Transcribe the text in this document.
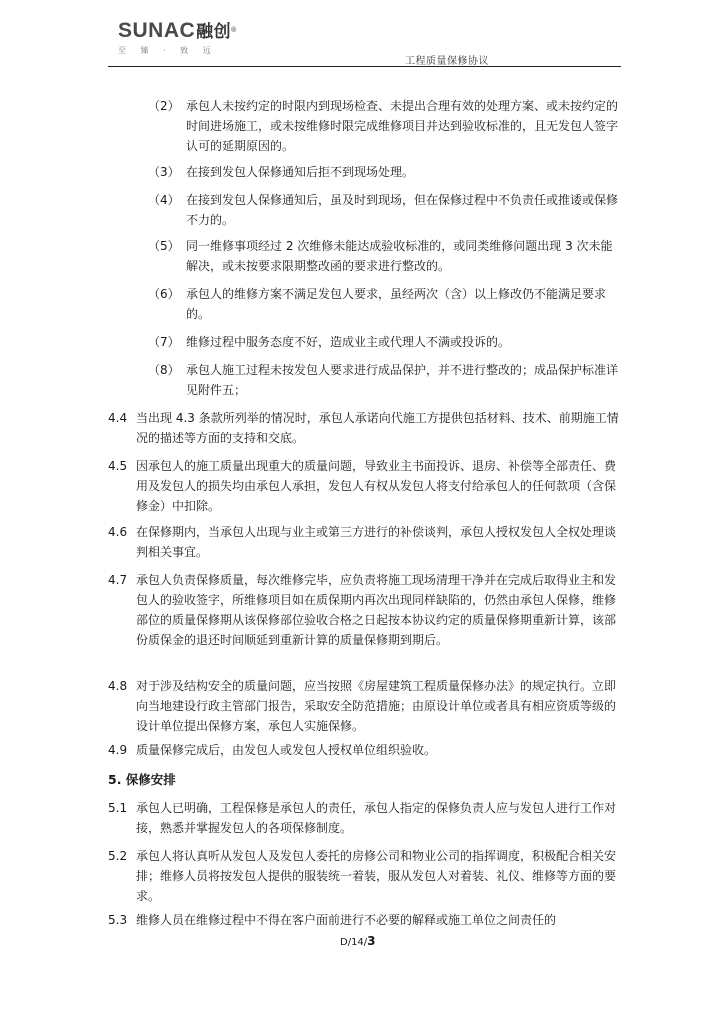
SUNAC融创®
至 臻 · 致 远
工程质量保修协议
（2） 承包人未按约定的时限内到现场检查、未提出合理有效的处理方案、或未按约定的时间进场施工，或未按维修时限完成维修项目并达到验收标准的，且无发包人签字认可的延期原因的。
（3） 在接到发包人保修通知后拒不到现场处理。
（4） 在接到发包人保修通知后，虽及时到现场，但在保修过程中不负责任或推诿或保修不力的。
（5） 同一维修事项经过 2 次维修未能达成验收标准的，或同类维修问题出现 3 次未能解决，或未按要求限期整改函的要求进行整改的。
（6） 承包人的维修方案不满足发包人要求，虽经两次（含）以上修改仍不能满足要求的。
（7） 维修过程中服务态度不好，造成业主或代理人不满或投诉的。
（8） 承包人施工过程未按发包人要求进行成品保护，并不进行整改的；成品保护标准详见附件五；
4.4 当出现 4.3 条款所列举的情况时，承包人承诺向代施工方提供包括材料、技术、前期施工情况的描述等方面的支持和交底。
4.5 因承包人的施工质量出现重大的质量问题，导致业主书面投诉、退房、补偿等全部责任、费用及发包人的损失均由承包人承担，发包人有权从发包人将支付给承包人的任何款项（含保修金）中扣除。
4.6 在保修期内，当承包人出现与业主或第三方进行的补偿谈判，承包人授权发包人全权处理谈判相关事宜。
4.7 承包人负责保修质量，每次维修完毕，应负责将施工现场清理干净并在完成后取得业主和发包人的验收签字，所维修项目如在质保期内再次出现同样缺陷的，仍然由承包人保修，维修部位的质量保修期从该保修部位验收合格之日起按本协议约定的质量保修期重新计算，该部份质保金的退还时间顺延到重新计算的质量保修期到期后。
4.8 对于涉及结构安全的质量问题，应当按照《房屋建筑工程质量保修办法》的规定执行。立即向当地建设行政主管部门报告，采取安全防范措施；由原设计单位或者具有相应资质等级的设计单位提出保修方案，承包人实施保修。
4.9 质量保修完成后，由发包人或发包人授权单位组织验收。
5. 保修安排
5.1 承包人已明确，工程保修是承包人的责任，承包人指定的保修负责人应与发包人进行工作对接，熟悉并掌握发包人的各项保修制度。
5.2 承包人将认真听从发包人及发包人委托的房修公司和物业公司的指挥调度，积极配合相关安排；维修人员将按发包人提供的服装统一着装，服从发包人对着装、礼仪、维修等方面的要求。
5.3 维修人员在维修过程中不得在客户面前进行不必要的解释或施工单位之间责任的
D/14/3
